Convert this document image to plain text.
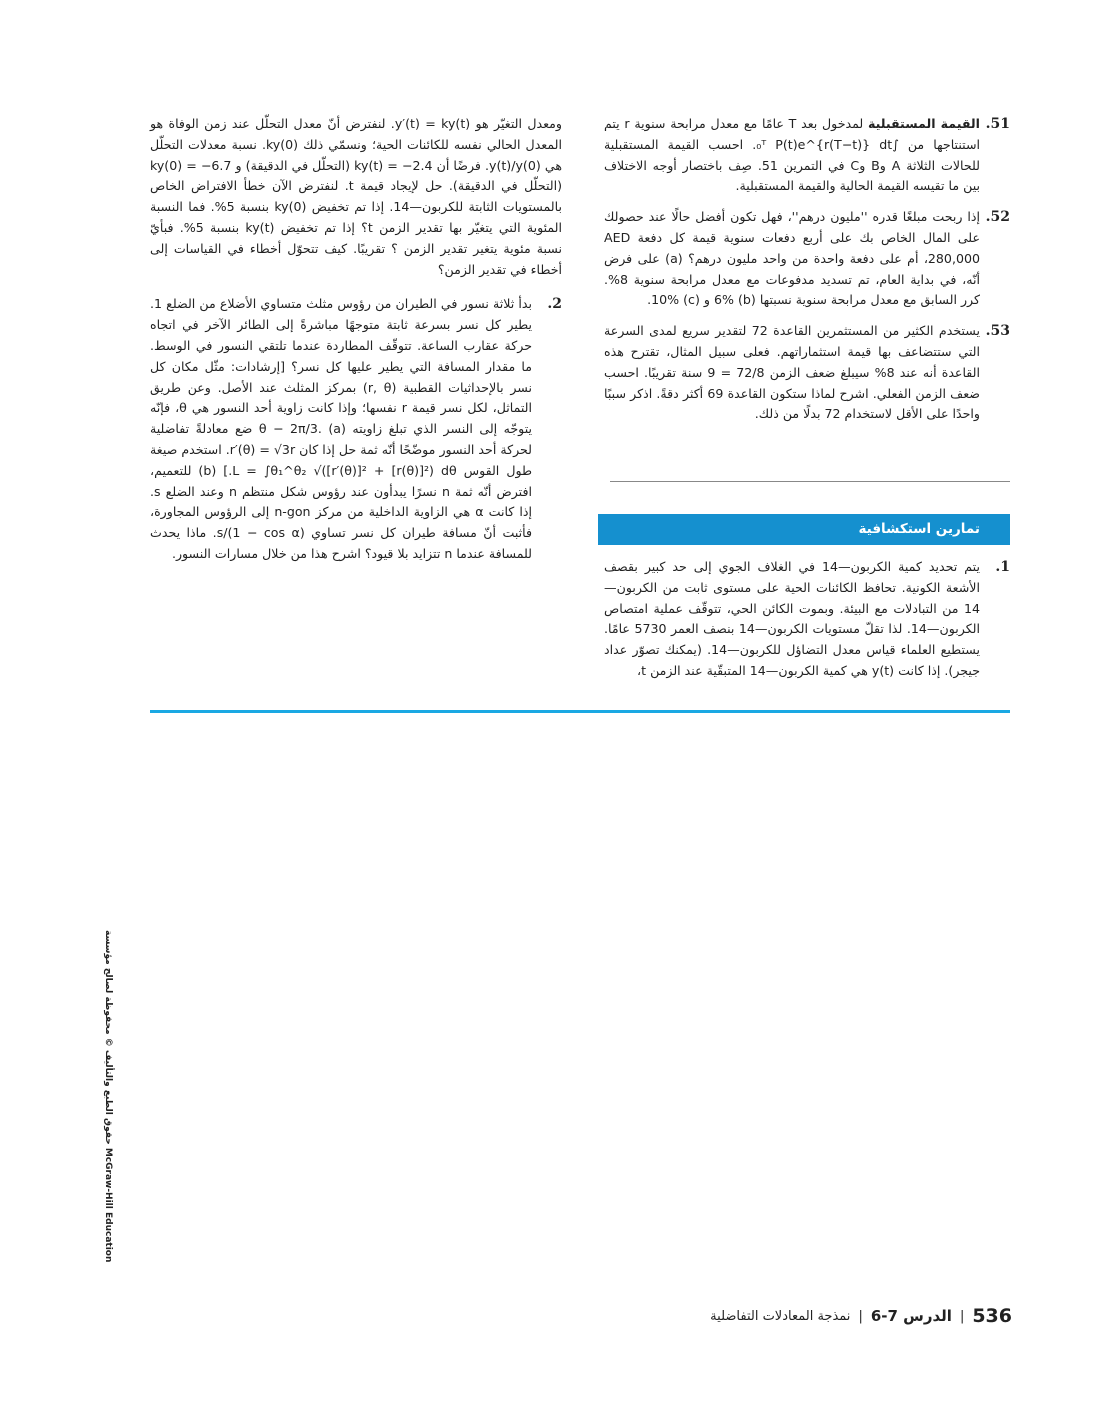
51.
القيمة المستقبلية لمدخول بعد T عامًا مع معدل مرابحة سنوية r يتم استنتاجها من ∫₀ᵀ P(t)e^{r(T−t)} dt. احسب القيمة المستقبلية للحالات الثلاثة A وB وC في التمرين 51. صِف باختصار أوجه الاختلاف بين ما تقيسه القيمة الحالية والقيمة المستقبلية.
52.
إذا ربحت مبلغًا قدره ''مليون درهم''، فهل تكون أفضل حالًا عند حصولك على المال الخاص بك على أربع دفعات سنوية قيمة كل دفعة AED 280,000، أم على دفعة واحدة من واحد مليون درهم؟ (a) على فرض أنّه، في بداية العام، تم تسديد مدفوعات مع معدل مرابحة سنوية 8%. كرر السابق مع معدل مرابحة سنوية نسبتها (b) 6% و (c) 10%.
53.
يستخدم الكثير من المستثمرين القاعدة 72 لتقدير سريع لمدى السرعة التي ستتضاعف بها قيمة استثماراتهم. فعلى سبيل المثال، تقترح هذه القاعدة أنه عند 8% سيبلغ ضعف الزمن 72/8 = 9 سنة تقريبًا. احسب ضعف الزمن الفعلي. اشرح لماذا ستكون القاعدة 69 أكثر دقةً. اذكر سببًا واحدًا على الأقل لاستخدام 72 بدلًا من ذلك.
تمارين استكشافية
1.
يتم تحديد كمية الكربون—14 في الغلاف الجوي إلى حد كبير بقصف الأشعة الكونية. تحافظ الكائنات الحية على مستوى ثابت من الكربون—14 من التبادلات مع البيئة. وبموت الكائن الحي، تتوقّف عملية امتصاص الكربون—14. لذا تقلّ مستويات الكربون—14 بنصف العمر 5730 عامًا. يستطيع العلماء قياس معدل التضاؤل للكربون—14. (يمكنك تصوّر عداد جيجر). إذا كانت y(t) هي كمية الكربون—14 المتبقّية عند الزمن t،
ومعدل التغيّر هو y′(t) = ky(t). لنفترض أنّ معدل التحلّل عند زمن الوفاة هو المعدل الحالي نفسه للكائنات الحية؛ ونسمّي ذلك ky(0). نسبة معدلات التحلّل هي y(t)/y(0). فرضًا أن ky(t) = −2.4 (التحلّل في الدقيقة) و ky(0) = −6.7 (التحلّل في الدقيقة). حل لإيجاد قيمة t. لنفترض الآن خطأ الافتراض الخاص بالمستويات الثابتة للكربون—14. إذا تم تخفيض ky(0) بنسبة 5%. فما النسبة المئوية التي يتغيّر بها تقدير الزمن t؟ إذا تم تخفيض ky(t) بنسبة 5%. فبأيّ نسبة مئوية يتغير تقدير الزمن ؟ تقريبًا. كيف تتحوّل أخطاء في القياسات إلى أخطاء في تقدير الزمن؟
2.
بدأ ثلاثة نسور في الطيران من رؤوس مثلث متساوي الأضلاع من الضلع 1. يطير كل نسر بسرعة ثابتة متوجهًا مباشرةً إلى الطائر الآخر في اتجاه حركة عقارب الساعة. تتوقّف المطاردة عندما تلتقي النسور في الوسط. ما مقدار المسافة التي يطير عليها كل نسر؟ [إرشادات: مثّل مكان كل نسر بالإحداثيات القطبية (r, θ) بمركز المثلث عند الأصل. وعن طريق التماثل، لكل نسر قيمة r نفسها؛ وإذا كانت زاوية أحد النسور هي θ، فإنّه يتوجّه إلى النسر الذي تبلغ زاويته θ − 2π/3. (a) ضع معادلةً تفاضلية لحركة أحد النسور موضّحًا أنّه ثمة حل إذا كان r′(θ) = √3r. استخدم صيغة طول القوس L = ∫θ₁^θ₂ √([r′(θ)]² + [r(θ)]²) dθ.] (b) للتعميم، افترض أنّه ثمة n نسرًا يبدأون عند رؤوس شكل منتظم n وعند الضلع s. إذا كانت α هي الزاوية الداخلية من مركز n-gon إلى الرؤوس المجاورة، فأثبت أنّ مسافة طيران كل نسر تساوي s/(1 − cos α). ماذا يحدث للمسافة عندما n تتزايد بلا قيود؟ اشرح هذا من خلال مسارات النسور.
536
|
الدرس 7-6
|
نمذجة المعادلات التفاضلية
حقوق الطبع والتأليف © محفوظة لصالح مؤسسة McGraw-Hill Education
